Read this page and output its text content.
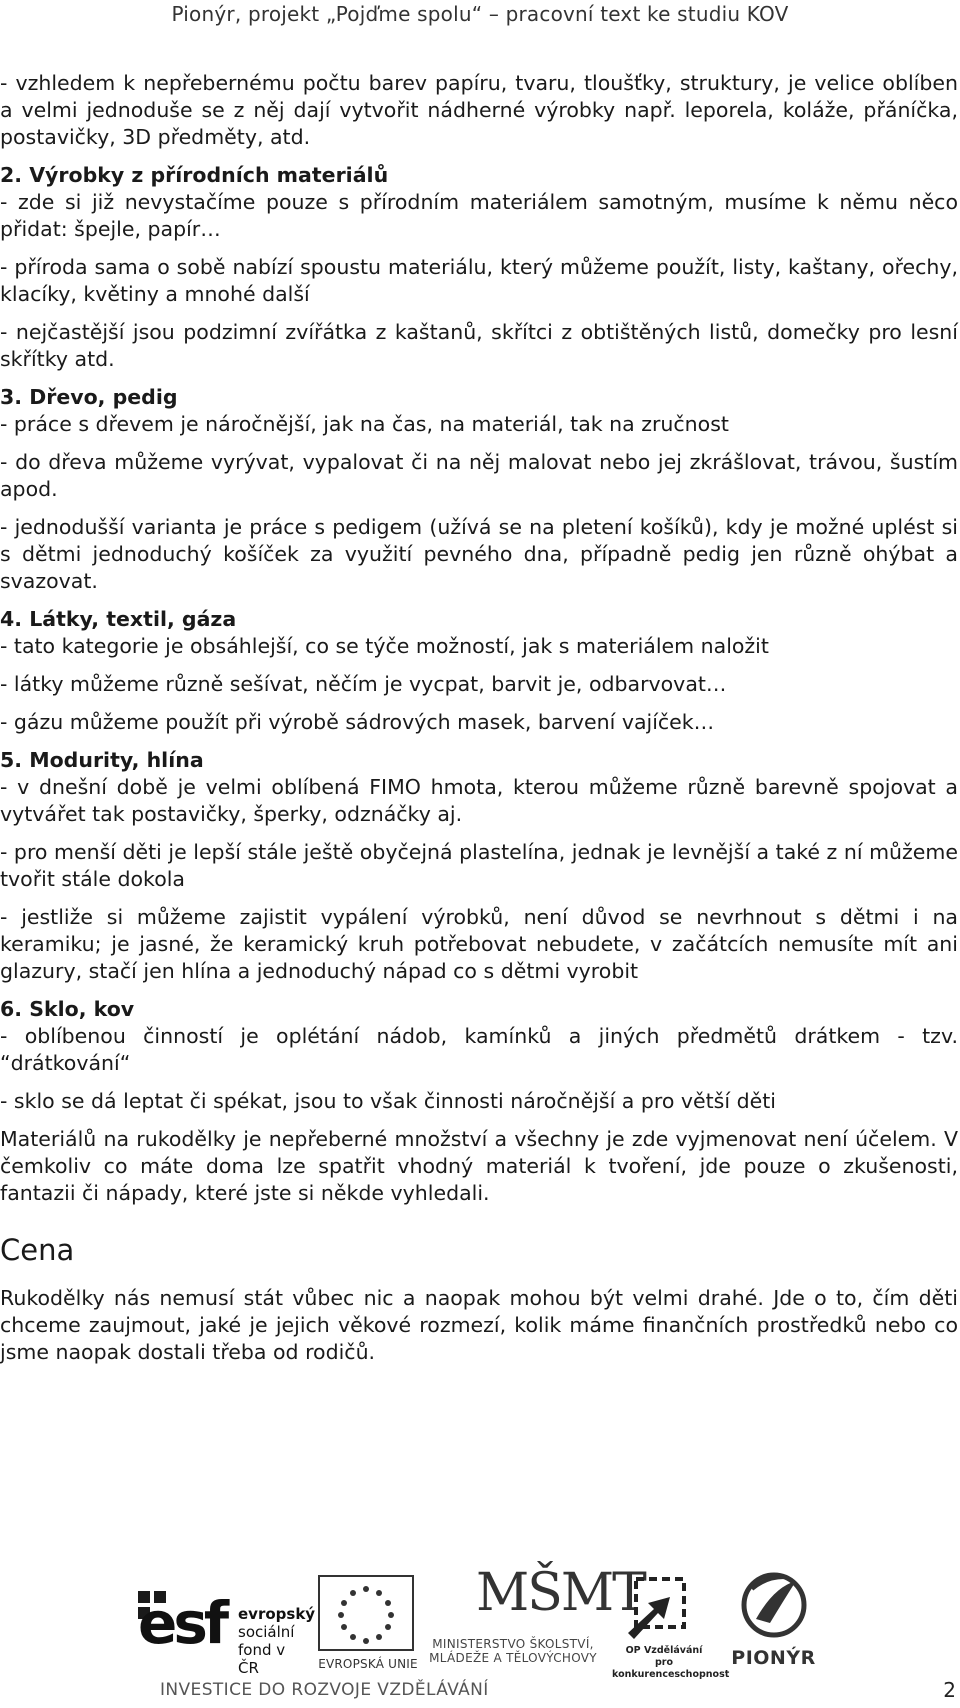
Pionýr, projekt „Pojďme spolu“ – pracovní text ke studiu KOV

- vzhledem k nepřebernému počtu barev papíru, tvaru, tloušťky, struktury, je velice oblíben a velmi jednoduše se z něj dají vytvořit nádherné výrobky např. leporela, koláže, přáníčka, postavičky, 3D předměty, atd.

2. Výrobky z přírodních materiálů

- zde si již nevystačíme pouze s přírodním materiálem samotným, musíme k němu něco přidat: špejle, papír…

- příroda sama o sobě nabízí spoustu materiálu, který můžeme použít, listy, kaštany, ořechy, klacíky, květiny a mnohé další

- nejčastější jsou podzimní zvířátka z kaštanů, skřítci z obtištěných listů, domečky pro lesní skřítky atd.

3. Dřevo, pedig

- práce s dřevem je náročnější, jak na čas, na materiál, tak na zručnost

- do dřeva můžeme vyrývat, vypalovat či na něj malovat nebo jej zkrášlovat, trávou, šustím apod.

- jednodušší varianta je práce s pedigem (užívá se na pletení košíků), kdy je možné uplést si s dětmi jednoduchý košíček za využití pevného dna, případně pedig jen různě ohýbat a svazovat.

4. Látky, textil, gáza

- tato kategorie je obsáhlejší, co se týče možností, jak s materiálem naložit

- látky můžeme různě sešívat, něčím je vycpat, barvit je, odbarvovat…

- gázu můžeme použít při výrobě sádrových masek, barvení vajíček…

5. Modurity, hlína

- v dnešní době je velmi oblíbená FIMO hmota, kterou můžeme různě barevně spojovat a vytvářet tak postavičky, šperky, odznáčky aj.

- pro menší děti je lepší stále ještě obyčejná plastelína, jednak je levnější a také z ní můžeme tvořit stále dokola

- jestliže si můžeme zajistit vypálení výrobků, není důvod se nevrhnout s dětmi i na keramiku; je jasné, že keramický kruh potřebovat nebudete, v začátcích nemusíte mít ani glazury, stačí jen hlína a jednoduchý nápad co s dětmi vyrobit

6. Sklo, kov

- oblíbenou činností je oplétání nádob, kamínků a jiných předmětů drátkem - tzv. “drátkování“

- sklo se dá leptat či spékat, jsou to však činnosti náročnější a pro větší děti

Materiálů na rukodělky je nepřeberné množství a všechny je zde vyjmenovat není účelem. V čemkoliv co máte doma lze spatřit vhodný materiál k tvoření, jde pouze o zkušenosti, fantazii či nápady, které jste si někde vyhledali.

Cena

Rukodělky nás nemusí stát vůbec nic a naopak mohou být velmi drahé. Jde o to, čím děti chceme zaujmout, jaké je jejich věkové rozmezí, kolik máme finančních prostředků nebo co jsme naopak dostali třeba od rodičů.

esf evropský
sociální
fond v ČR	EVROPSKÁ UNIE
MŠMT
MINISTERSTVO ŠKOLSTVÍ,
MLÁDEŽE A TĚLOVÝCHOVY
OP Vzdělávání
pro konkurenceschopnost
PIONÝR
INVESTICE DO ROZVOJE VZDĚLÁVÁNÍ	2
